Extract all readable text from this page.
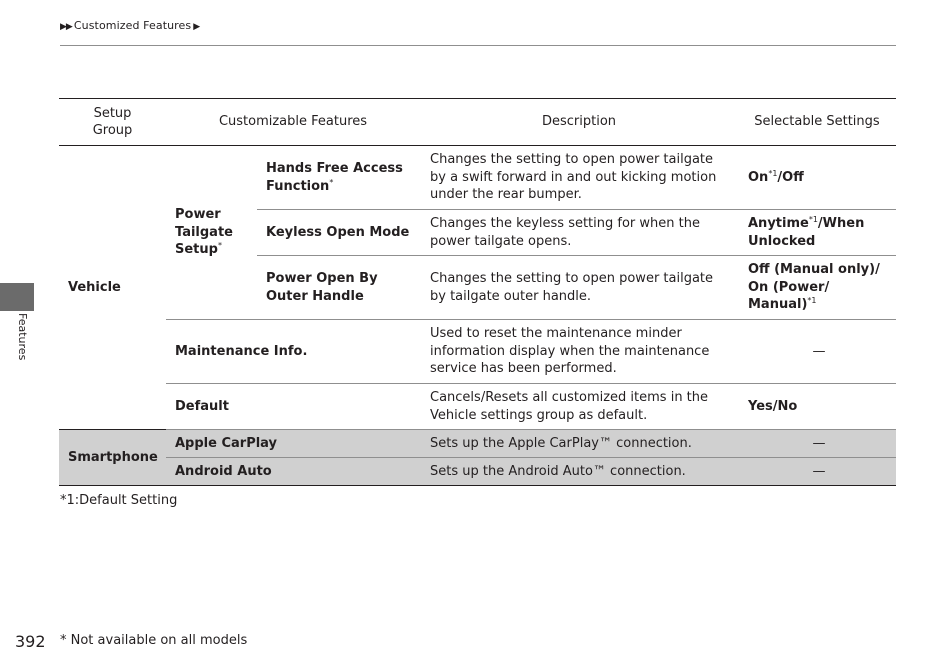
▶▶ Customized Features ▶
Features
Setup
Group	Customizable Features		Description	Selectable Settings
Vehicle	Power Tailgate Setup*	Hands Free Access Function*	Changes the setting to open power tailgate by a swift forward in and out kicking motion under the rear bumper.	On$^{*1}$/Off
		Keyless Open Mode	Changes the keyless setting for when the power tailgate opens.	Anytime$^{*1}$/When Unlocked
		Power Open By Outer Handle	Changes the setting to open power tailgate by tailgate outer handle.	Off (Manual only)/ On (Power/ Manual)$^{*1}$
	Maintenance Info.		Used to reset the maintenance minder information display when the maintenance service has been performed.	—
	Default		Cancels/Resets all customized items in the Vehicle settings group as default.	Yes/No
Smartphone	Apple CarPlay		Sets up the Apple CarPlay™ connection.	—
	Android Auto		Sets up the Android Auto™ connection.	—
*1:Default Setting
392 * Not available on all models
